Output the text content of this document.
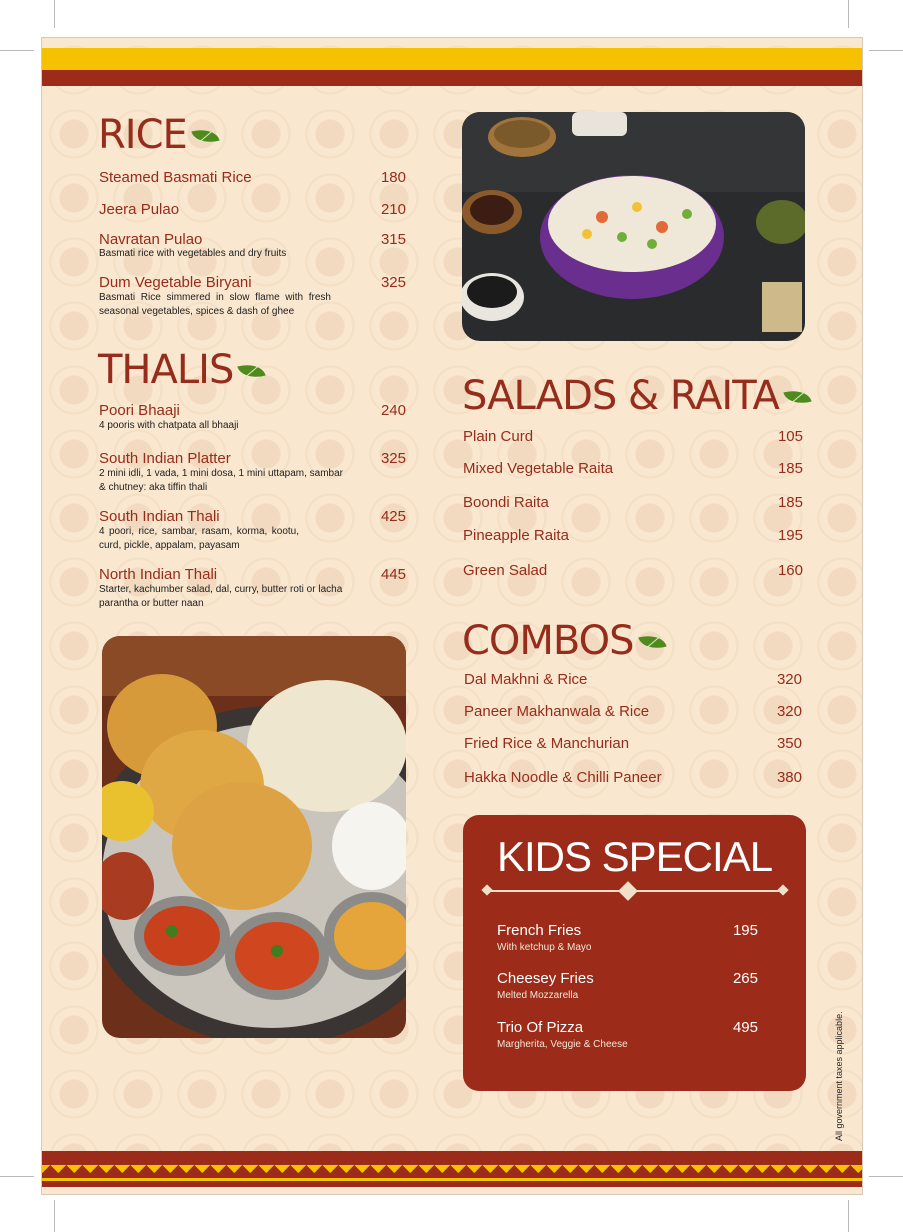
RICE
Steamed Basmati Rice	180
Jeera Pulao	210
Navratan Pulao	315
Basmati rice with vegetables and dry fruits
Dum Vegetable Biryani	325
Basmati Rice simmered in slow flame with fresh seasonal vegetables, spices & dash of ghee
THALIS
Poori Bhaaji	240
4 pooris with chatpata all bhaaji
South Indian Platter	325
2 mini idli, 1 vada, 1 mini dosa, 1 mini uttapam, sambar & chutney: aka tiffin thali
South Indian Thali	425
4 poori, rice, sambar, rasam, korma, kootu, curd, pickle, appalam, payasam
North Indian Thali	445
Starter, kachumber salad, dal, curry, butter roti or lacha parantha or butter naan
SALADS & RAITA
Plain Curd	105
Mixed Vegetable Raita	185
Boondi Raita	185
Pineapple Raita	195
Green Salad	160
COMBOS
Dal Makhni & Rice	320
Paneer Makhanwala & Rice	320
Fried Rice & Manchurian	350
Hakka Noodle & Chilli Paneer	380
KIDS SPECIAL
French Fries	195
With ketchup & Mayo
Cheesey Fries	265
Melted Mozzarella
Trio Of Pizza	495
Margherita, Veggie & Cheese	All government taxes applicable.
